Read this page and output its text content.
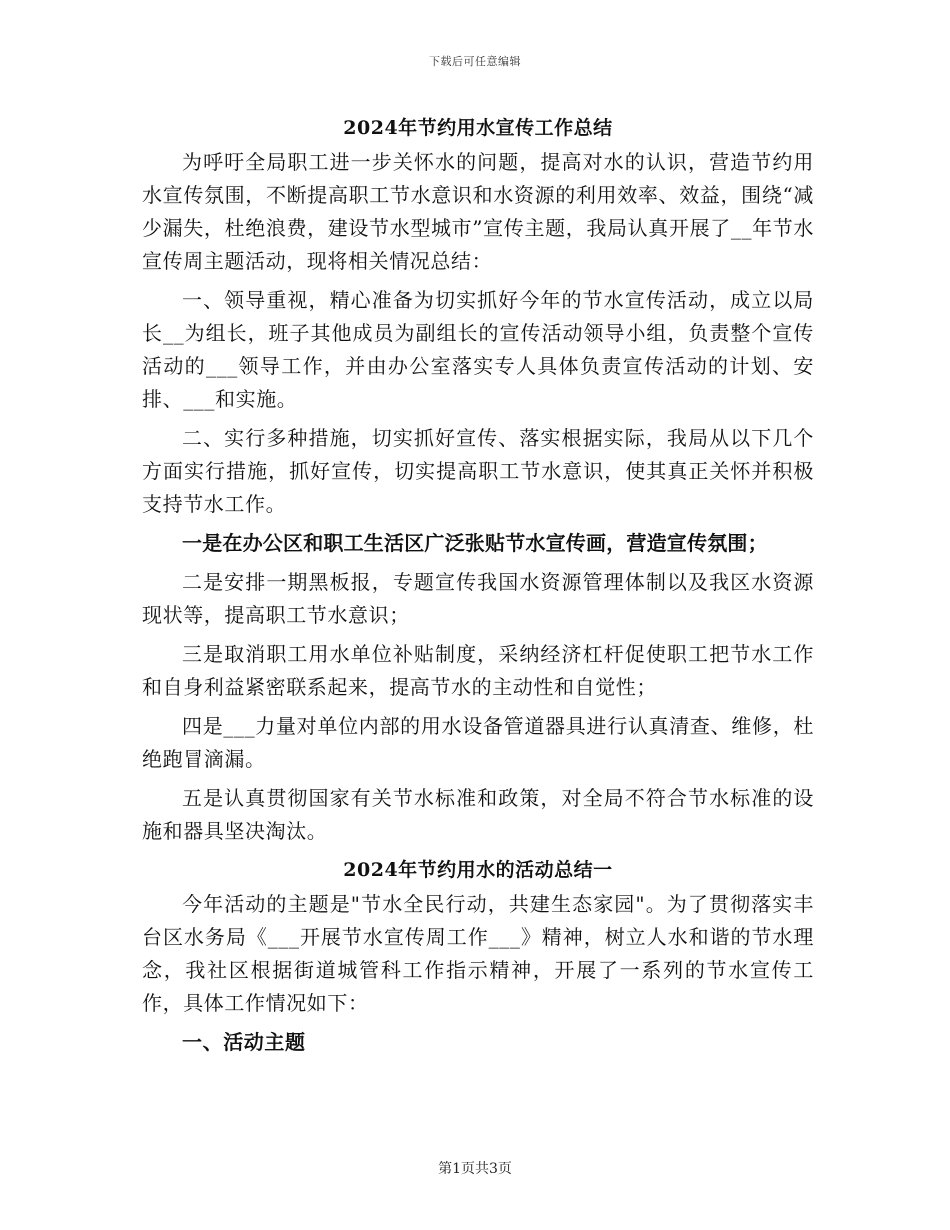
下载后可任意编辑
2024年节约用水宣传工作总结

为呼吁全局职工进一步关怀水的问题，提高对水的认识，营造节约用水宣传氛围，不断提高职工节水意识和水资源的利用效率、效益，围绕“减少漏失，杜绝浪费，建设节水型城市”宣传主题，我局认真开展了__年节水宣传周主题活动，现将相关情况总结：

一、领导重视，精心准备为切实抓好今年的节水宣传活动，成立以局长__为组长，班子其他成员为副组长的宣传活动领导小组，负责整个宣传活动的___领导工作，并由办公室落实专人具体负责宣传活动的计划、安排、___和实施。

二、实行多种措施，切实抓好宣传、落实根据实际，我局从以下几个方面实行措施，抓好宣传，切实提高职工节水意识，使其真正关怀并积极支持节水工作。

一是在办公区和职工生活区广泛张贴节水宣传画，营造宣传氛围；

二是安排一期黑板报，专题宣传我国水资源管理体制以及我区水资源现状等，提高职工节水意识；

三是取消职工用水单位补贴制度，采纳经济杠杆促使职工把节水工作和自身利益紧密联系起来，提高节水的主动性和自觉性；

四是___力量对单位内部的用水设备管道器具进行认真清查、维修，杜绝跑冒滴漏。

五是认真贯彻国家有关节水标准和政策，对全局不符合节水标准的设施和器具坚决淘汰。

2024年节约用水的活动总结一

今年活动的主题是"节水全民行动，共建生态家园"。为了贯彻落实丰台区水务局《___开展节水宣传周工作___》精神，树立人水和谐的节水理念，我社区根据街道城管科工作指示精神，开展了一系列的节水宣传工作，具体工作情况如下：

一、活动主题

第1页共3页
